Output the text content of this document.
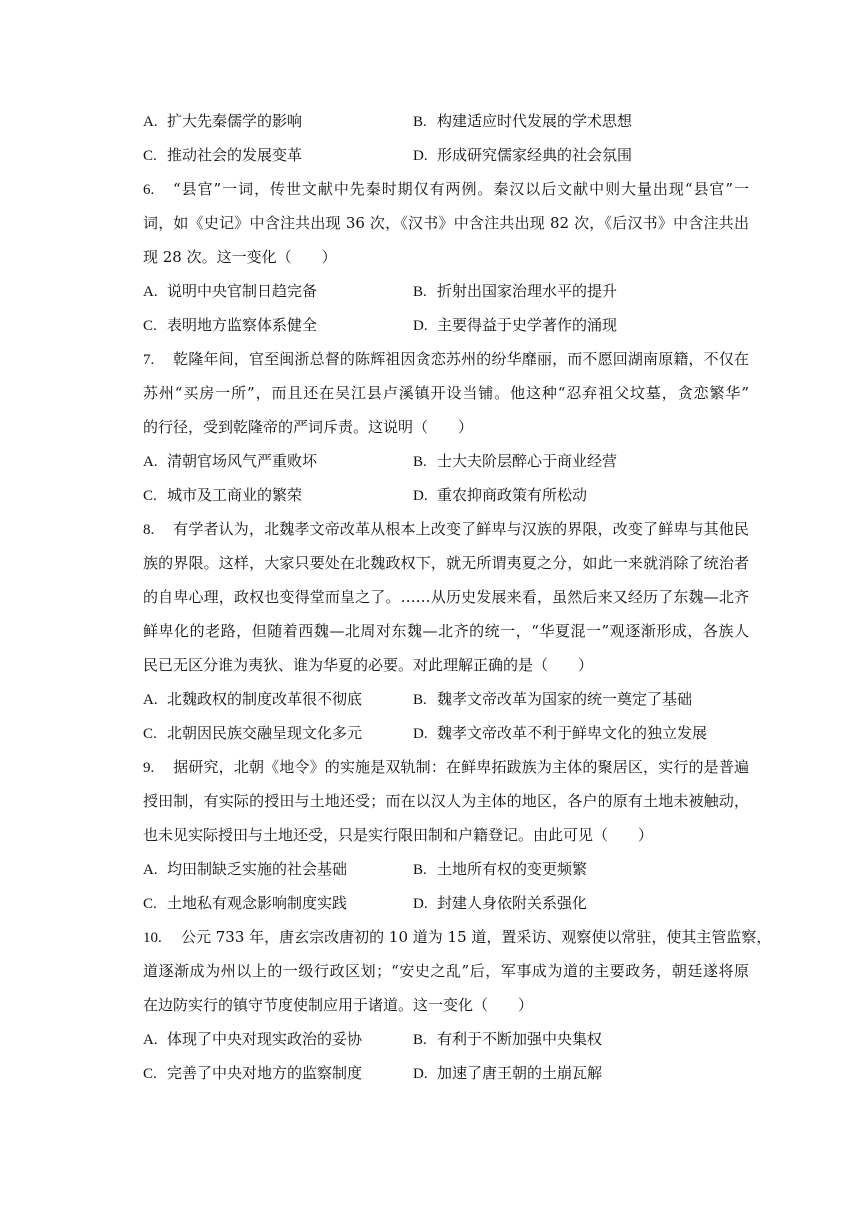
A. 扩大先秦儒学的影响	B. 构建适应时代发展的学术思想
C. 推动社会的发展变革	D. 形成研究儒家经典的社会氛围
6. “县官”一词，传世文献中先秦时期仅有两例。秦汉以后文献中则大量出现“县官”一
词，如《史记》中含注共出现 36 次，《汉书》中含注共出现 82 次，《后汉书》中含注共出
现 28 次。这一变化（　　）
A. 说明中央官制日趋完备	B. 折射出国家治理水平的提升
C. 表明地方监察体系健全	D. 主要得益于史学著作的涌现
7. 乾隆年间，官至闽浙总督的陈辉祖因贪恋苏州的纷华靡丽，而不愿回湖南原籍，不仅在
苏州“买房一所”，而且还在吴江县卢溪镇开设当铺。他这种“忍弃祖父坟墓，贪恋繁华”
的行径，受到乾隆帝的严词斥责。这说明（　　）
A. 清朝官场风气严重败坏	B. 士大夫阶层醉心于商业经营
C. 城市及工商业的繁荣	D. 重农抑商政策有所松动
8. 有学者认为，北魏孝文帝改革从根本上改变了鲜卑与汉族的界限，改变了鲜卑与其他民
族的界限。这样，大家只要处在北魏政权下，就无所谓夷夏之分，如此一来就消除了统治者
的自卑心理，政权也变得堂而皇之了。……从历史发展来看，虽然后来又经历了东魏—北齐
鲜卑化的老路，但随着西魏—北周对东魏—北齐的统一，“华夏混一”观逐渐形成，各族人
民已无区分谁为夷狄、谁为华夏的必要。对此理解正确的是（　　）
A. 北魏政权的制度改革很不彻底	B. 魏孝文帝改革为国家的统一奠定了基础
C. 北朝因民族交融呈现文化多元	D. 魏孝文帝改革不利于鲜卑文化的独立发展
9. 据研究，北朝《地令》的实施是双轨制：在鲜卑拓跋族为主体的聚居区，实行的是普遍
授田制，有实际的授田与土地还受；而在以汉人为主体的地区，各户的原有土地未被触动，
也未见实际授田与土地还受，只是实行限田制和户籍登记。由此可见（　　）
A. 均田制缺乏实施的社会基础	B. 土地所有权的变更频繁
C. 土地私有观念影响制度实践	D. 封建人身依附关系强化
10. 公元 733 年，唐玄宗改唐初的 10 道为 15 道，置采访、观察使以常驻，使其主管监察，
道逐渐成为州以上的一级行政区划；“安史之乱”后，军事成为道的主要政务，朝廷遂将原
在边防实行的镇守节度使制应用于诸道。这一变化（　　）
A. 体现了中央对现实政治的妥协	B. 有利于不断加强中央集权
C. 完善了中央对地方的监察制度	D. 加速了唐王朝的土崩瓦解
